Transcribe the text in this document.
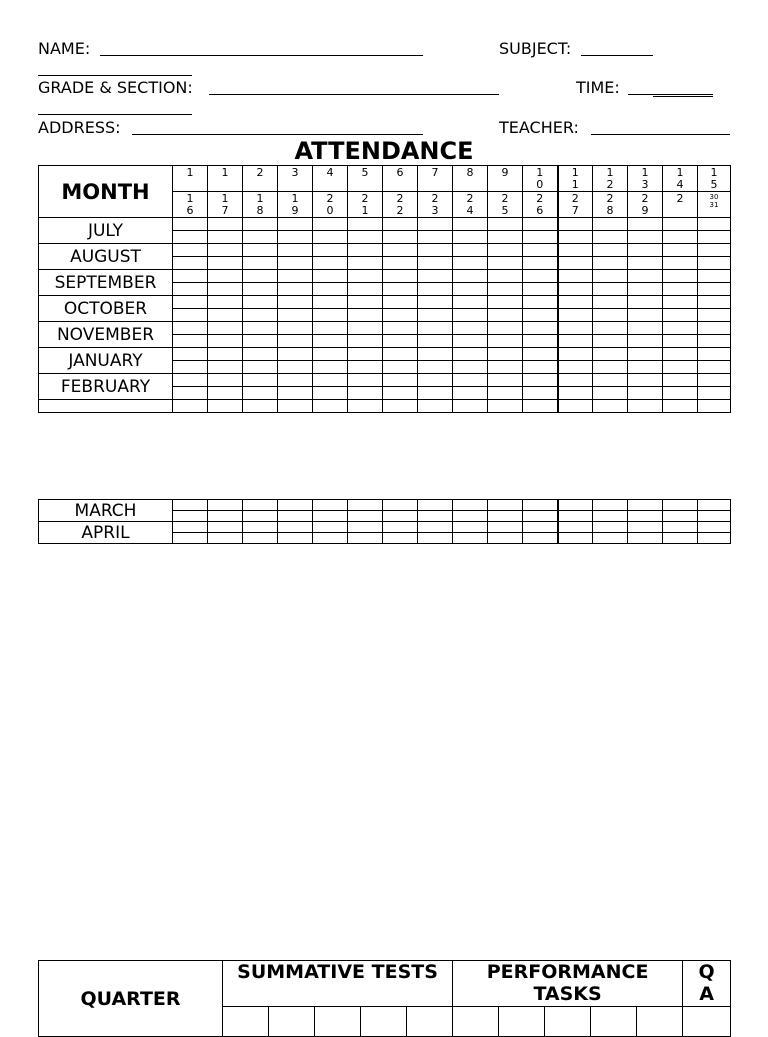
NAME:	SUBJECT:
GRADE & SECTION:	TIME:
ADDRESS:	TEACHER:
ATTENDANCE
MONTH	1	1	2	3	4	5	6	7	8	9	10	11	12	13	14	15

	16	17	18	19	20	21	22	23	24	25	26	27	28	29	2	30 31

JULY																

AUGUST																

SEPTEMBER																

OCTOBER																

NOVEMBER																

JANUARY																

FEBRUARY																

MARCH																

APRIL																

QUARTER	SUMMATIVE TESTS					PERFORMANCE TASKS					Q A
